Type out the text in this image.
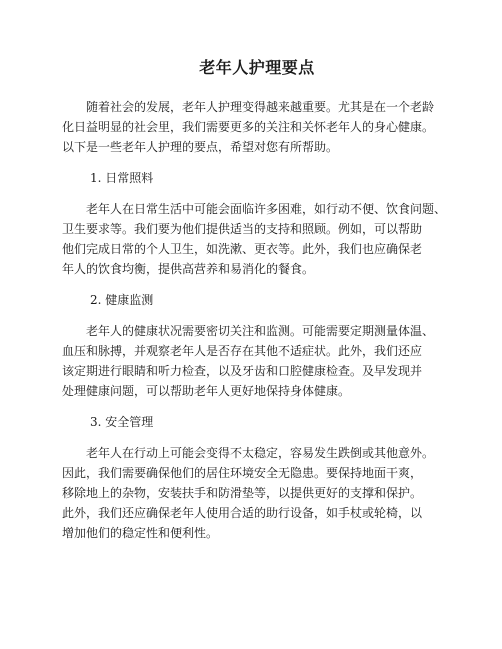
老年人护理要点
随着社会的发展，老年人护理变得越来越重要。尤其是在一个老龄
化日益明显的社会里，我们需要更多的关注和关怀老年人的身心健康。
以下是一些老年人护理的要点，希望对您有所帮助。
1. 日常照料
老年人在日常生活中可能会面临许多困难，如行动不便、饮食问题、
卫生要求等。我们要为他们提供适当的支持和照顾。例如，可以帮助
他们完成日常的个人卫生，如洗漱、更衣等。此外，我们也应确保老
年人的饮食均衡，提供高营养和易消化的餐食。
2. 健康监测
老年人的健康状况需要密切关注和监测。可能需要定期测量体温、
血压和脉搏，并观察老年人是否存在其他不适症状。此外，我们还应
该定期进行眼睛和听力检查，以及牙齿和口腔健康检查。及早发现并
处理健康问题，可以帮助老年人更好地保持身体健康。
3. 安全管理
老年人在行动上可能会变得不太稳定，容易发生跌倒或其他意外。
因此，我们需要确保他们的居住环境安全无隐患。要保持地面干爽，
移除地上的杂物，安装扶手和防滑垫等，以提供更好的支撑和保护。
此外，我们还应确保老年人使用合适的助行设备，如手杖或轮椅，以
增加他们的稳定性和便利性。
